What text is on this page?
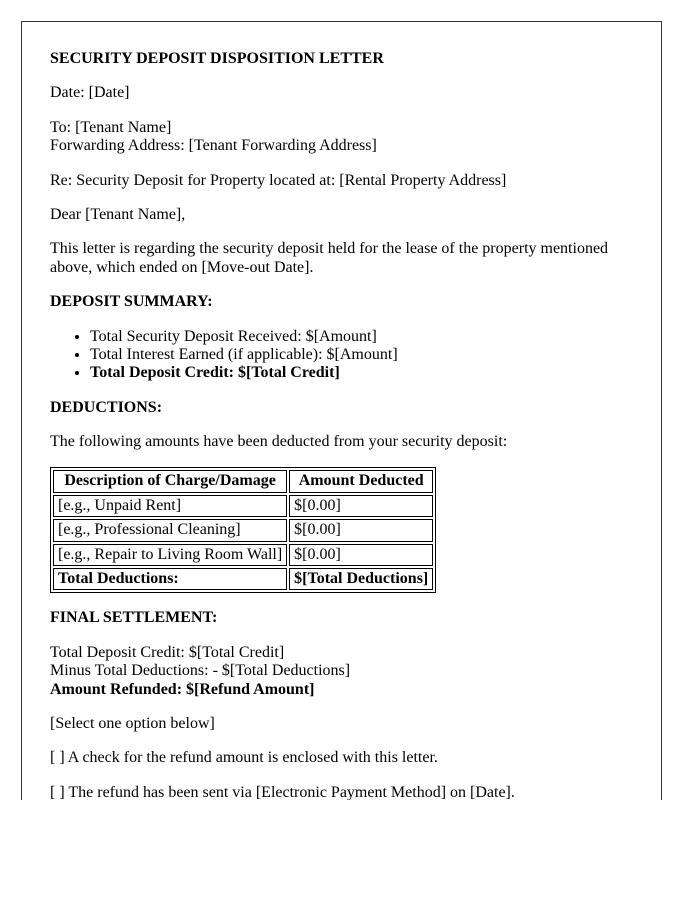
SECURITY DEPOSIT DISPOSITION LETTER

Date: [Date]

To: [Tenant Name]
Forwarding Address: [Tenant Forwarding Address]

Re: Security Deposit for Property located at: [Rental Property Address]

Dear [Tenant Name],

This letter is regarding the security deposit held for the lease of the property mentioned above, which ended on [Move-out Date].

DEPOSIT SUMMARY:

• Total Security Deposit Received: $[Amount]
• Total Interest Earned (if applicable): $[Amount]
• Total Deposit Credit: $[Total Credit]

DEDUCTIONS:

The following amounts have been deducted from your security deposit:

Description of Charge/Damage	Amount Deducted
[e.g., Unpaid Rent]	$[0.00]
[e.g., Professional Cleaning]	$[0.00]
[e.g., Repair to Living Room Wall]	$[0.00]
Total Deductions:	$[Total Deductions]

FINAL SETTLEMENT:

Total Deposit Credit: $[Total Credit]
Minus Total Deductions: - $[Total Deductions]
Amount Refunded: $[Refund Amount]

[Select one option below]

[ ] A check for the refund amount is enclosed with this letter.

[ ] The refund has been sent via [Electronic Payment Method] on [Date].
